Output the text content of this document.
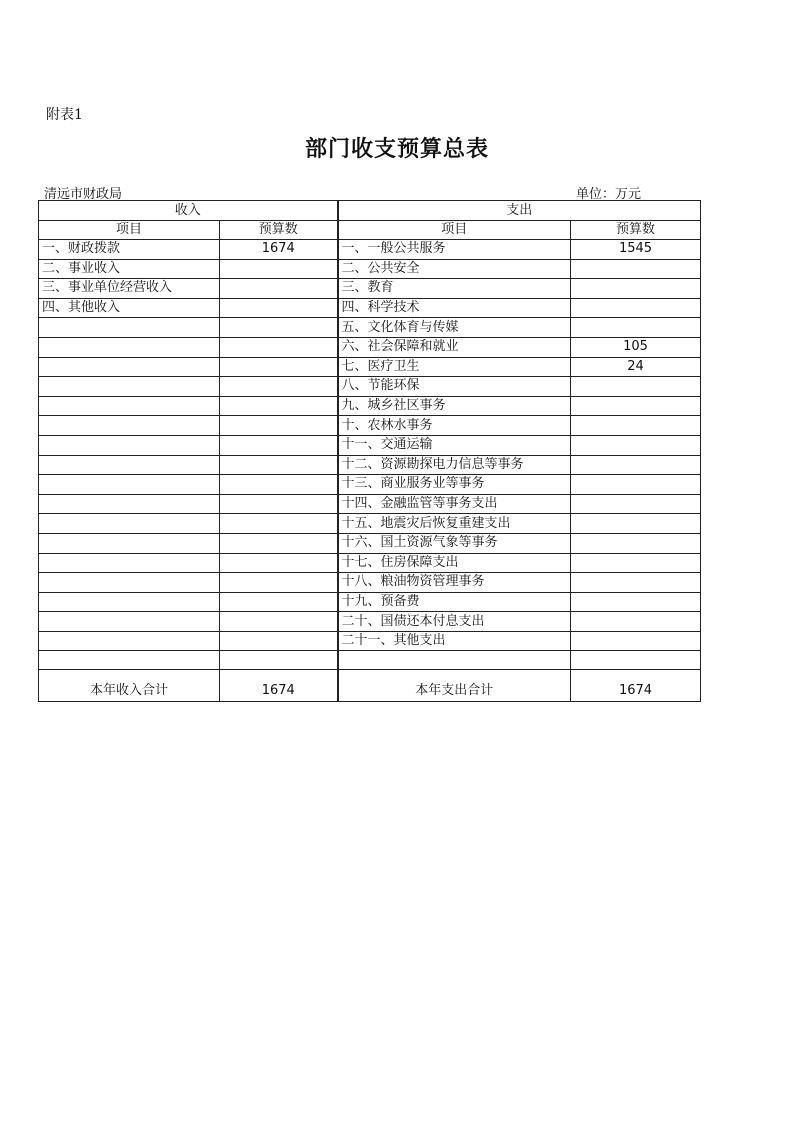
附表1
部门收支预算总表
清远市财政局	单位：万元
收入		支出	
项目	预算数	项目	预算数
一、财政拨款	1674	一、一般公共服务	1545
二、事业收入		二、公共安全	
三、事业单位经营收入		三、教育	
四、其他收入		四、科学技术	
		五、文化体育与传媒	
		六、社会保障和就业	105
		七、医疗卫生	24
		八、节能环保	
		九、城乡社区事务	
		十、农林水事务	
		十一、交通运输	
		十二、资源勘探电力信息等事务	
		十三、商业服务业等事务	
		十四、金融监管等事务支出	
		十五、地震灾后恢复重建支出	
		十六、国土资源气象等事务	
		十七、住房保障支出	
		十八、粮油物资管理事务	
		十九、预备费	
		二十、国债还本付息支出	
		二十一、其他支出	

本年收入合计	1674	本年支出合计	1674
